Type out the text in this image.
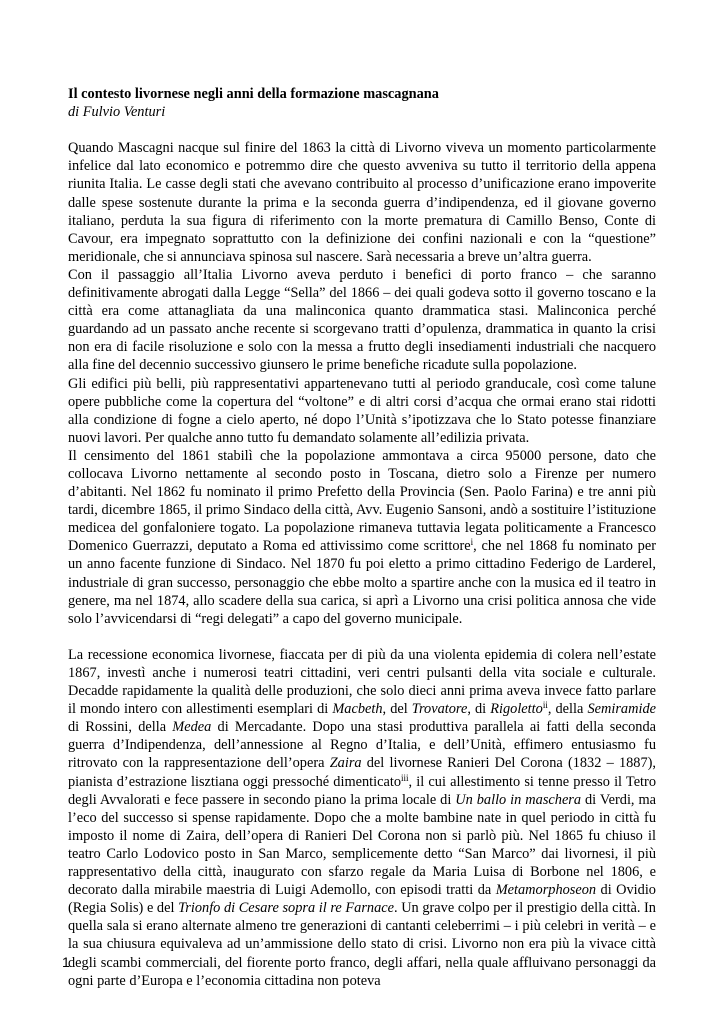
Il contesto livornese negli anni della formazione mascagnana

di Fulvio Venturi

Quando Mascagni nacque sul finire del 1863 la città di Livorno viveva un momento particolarmente infelice dal lato economico e potremmo dire che questo avveniva su tutto il territorio della appena riunita Italia. Le casse degli stati che avevano contribuito al processo d’unificazione erano impoverite dalle spese sostenute durante la prima e la seconda guerra d’indipendenza, ed il giovane governo italiano, perduta la sua figura di riferimento con la morte prematura di Camillo Benso, Conte di Cavour, era impegnato soprattutto con la definizione dei confini nazionali e con la “questione” meridionale, che si annunciava spinosa sul nascere. Sarà necessaria a breve un’altra guerra.

Con il passaggio all’Italia Livorno aveva perduto i benefici di porto franco – che saranno definitivamente abrogati dalla Legge “Sella” del 1866 – dei quali godeva sotto il governo toscano e la città era come attanagliata da una malinconica quanto drammatica stasi. Malinconica perché guardando ad un passato anche recente si scorgevano tratti d’opulenza, drammatica in quanto la crisi non era di facile risoluzione e solo con la messa a frutto degli insediamenti industriali che nacquero alla fine del decennio successivo giunsero le prime benefiche ricadute sulla popolazione.

Gli edifici più belli, più rappresentativi appartenevano tutti al periodo granducale, così come talune opere pubbliche come la copertura del “voltone” e di altri corsi d’acqua che ormai erano stai ridotti alla condizione di fogne a cielo aperto, né dopo l’Unità s’ipotizzava che lo Stato potesse finanziare nuovi lavori. Per qualche anno tutto fu demandato solamente all’edilizia privata.

Il censimento del 1861 stabilì che la popolazione ammontava a circa 95000 persone, dato che collocava Livorno nettamente al secondo posto in Toscana, dietro solo a Firenze per numero d’abitanti. Nel 1862 fu nominato il primo Prefetto della Provincia (Sen. Paolo Farina) e tre anni più tardi, dicembre 1865, il primo Sindaco della città, Avv. Eugenio Sansoni, andò a sostituire l’istituzione medicea del gonfaloniere togato. La popolazione rimaneva tuttavia legata politicamente a Francesco Domenico Guerrazzi, deputato a Roma ed attivissimo come scrittore$^i$, che nel 1868 fu nominato per un anno facente funzione di Sindaco. Nel 1870 fu poi eletto a primo cittadino Federigo de Larderel, industriale di gran successo, personaggio che ebbe molto a spartire anche con la musica ed il teatro in genere, ma nel 1874, allo scadere della sua carica, si aprì a Livorno una crisi politica annosa che vide solo l’avvicendarsi di “regi delegati” a capo del governo municipale.

La recessione economica livornese, fiaccata per di più da una violenta epidemia di colera nell’estate 1867, investì anche i numerosi teatri cittadini, veri centri pulsanti della vita sociale e culturale. Decadde rapidamente la qualità delle produzioni, che solo dieci anni prima aveva invece fatto parlare il mondo intero con allestimenti esemplari di Macbeth, del Trovatore, di Rigoletto$^{ii}$, della Semiramide di Rossini, della Medea di Mercadante. Dopo una stasi produttiva parallela ai fatti della seconda guerra d’Indipendenza, dell’annessione al Regno d’Italia, e dell’Unità, effimero entusiasmo fu ritrovato con la rappresentazione dell’opera Zaira del livornese Ranieri Del Corona (1832 – 1887), pianista d’estrazione lisztiana oggi pressoché dimenticato$^{iii}$, il cui allestimento si tenne presso il Tetro degli Avvalorati e fece passere in secondo piano la prima locale di Un ballo in maschera di Verdi, ma l’eco del successo si spense rapidamente. Dopo che a molte bambine nate in quel periodo in città fu imposto il nome di Zaira, dell’opera di Ranieri Del Corona non si parlò più. Nel 1865 fu chiuso il teatro Carlo Lodovico posto in San Marco, semplicemente detto “San Marco” dai livornesi, il più rappresentativo della città, inaugurato con sfarzo regale da Maria Luisa di Borbone nel 1806, e decorato dalla mirabile maestria di Luigi Ademollo, con episodi tratti da Metamorphoseon di Ovidio (Regia Solis) e del Trionfo di Cesare sopra il re Farnace. Un grave colpo per il prestigio della città. In quella sala si erano alternate almeno tre generazioni di cantanti celeberrimi – i più celebri in verità – e la sua chiusura equivaleva ad un’ammissione dello stato di crisi. Livorno non era più la vivace città degli scambi commerciali, del fiorente porto franco, degli affari, nella quale affluivano personaggi da ogni parte d’Europa e l’economia cittadina non poteva

1
